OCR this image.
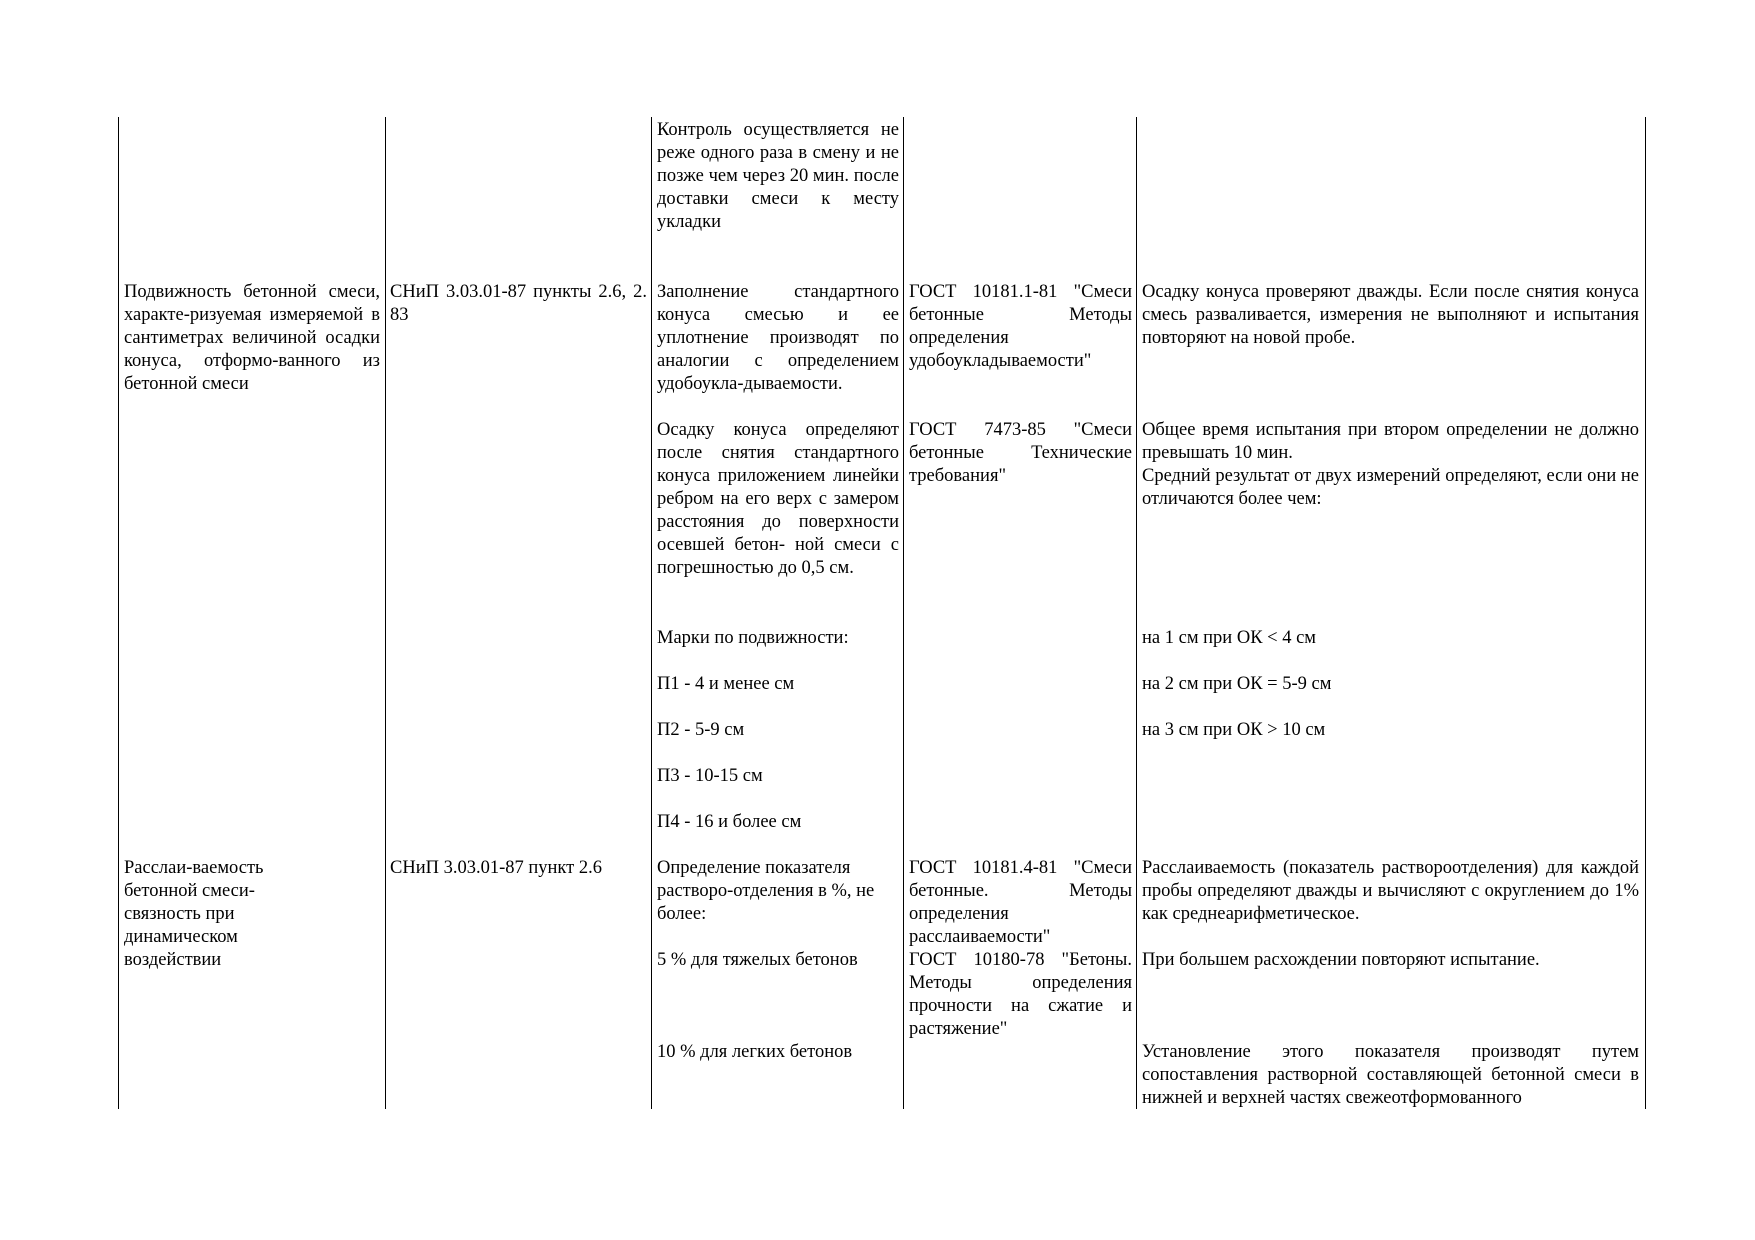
Контроль осуществляется не реже одного раза в смену и не позже чем через 20 мин. после доставки смеси к месту укладки
Подвижность бетонной смеси, характе-ризуемая измеряемой в сантиметрах величиной осадки конуса, отформо-ванного из бетонной смеси
СНиП 3.03.01-87 пункты 2.6, 2. 83
Заполнение стандартного конуса смесью и ее уплотнение производят по аналогии с определением удобоукла-дываемости.
Осадку конуса определяют после снятия стандартного конуса приложением линейки ребром на его верх с замером расстояния до поверхности осевшей бетон- ной смеси с погрешностью до 0,5 см.
Марки по подвижности:
П1 - 4 и менее см
П2 - 5-9 см
П3 - 10-15 см
П4 - 16 и более см
ГОСТ 10181.1-81 "Смеси бетонные Методы определения удобоукладываемости"
ГОСТ 7473-85 "Смеси бетонные Технические требования"
Осадку конуса проверяют дважды. Если после снятия конуса смесь разваливается, измерения не выполняют и испытания повторяют на новой пробе.

Общее время испытания при втором определении не должно превышать 10 мин.

Средний результат от двух измерений определяют, если они не отличаются более чем:

на 1 см при ОК < 4 см
на 2 см при ОК = 5-9 см
на 3 см при ОК > 10 см
Расслаи-ваемость бетонной смеси-связность при динамическом воздействии
СНиП 3.03.01-87 пункт 2.6	Определение показателя растворо-отделения в %, не более:
5 % для тяжелых бетонов
10 % для легких бетонов
ГОСТ 10181.4-81 "Смеси бетонные. Методы определения расслаиваемости"
ГОСТ 10180-78 "Бетоны. Методы определения прочности на сжатие и растяжение"
Расслаиваемость (показатель раствороотделения) для каждой пробы определяют дважды и вычисляют с округлением до 1% как среднеарифметическое.
При большем расхождении повторяют испытание.
Установление этого показателя производят путем сопоставления растворной составляющей бетонной смеси в нижней и верхней частях свежеотформованного
